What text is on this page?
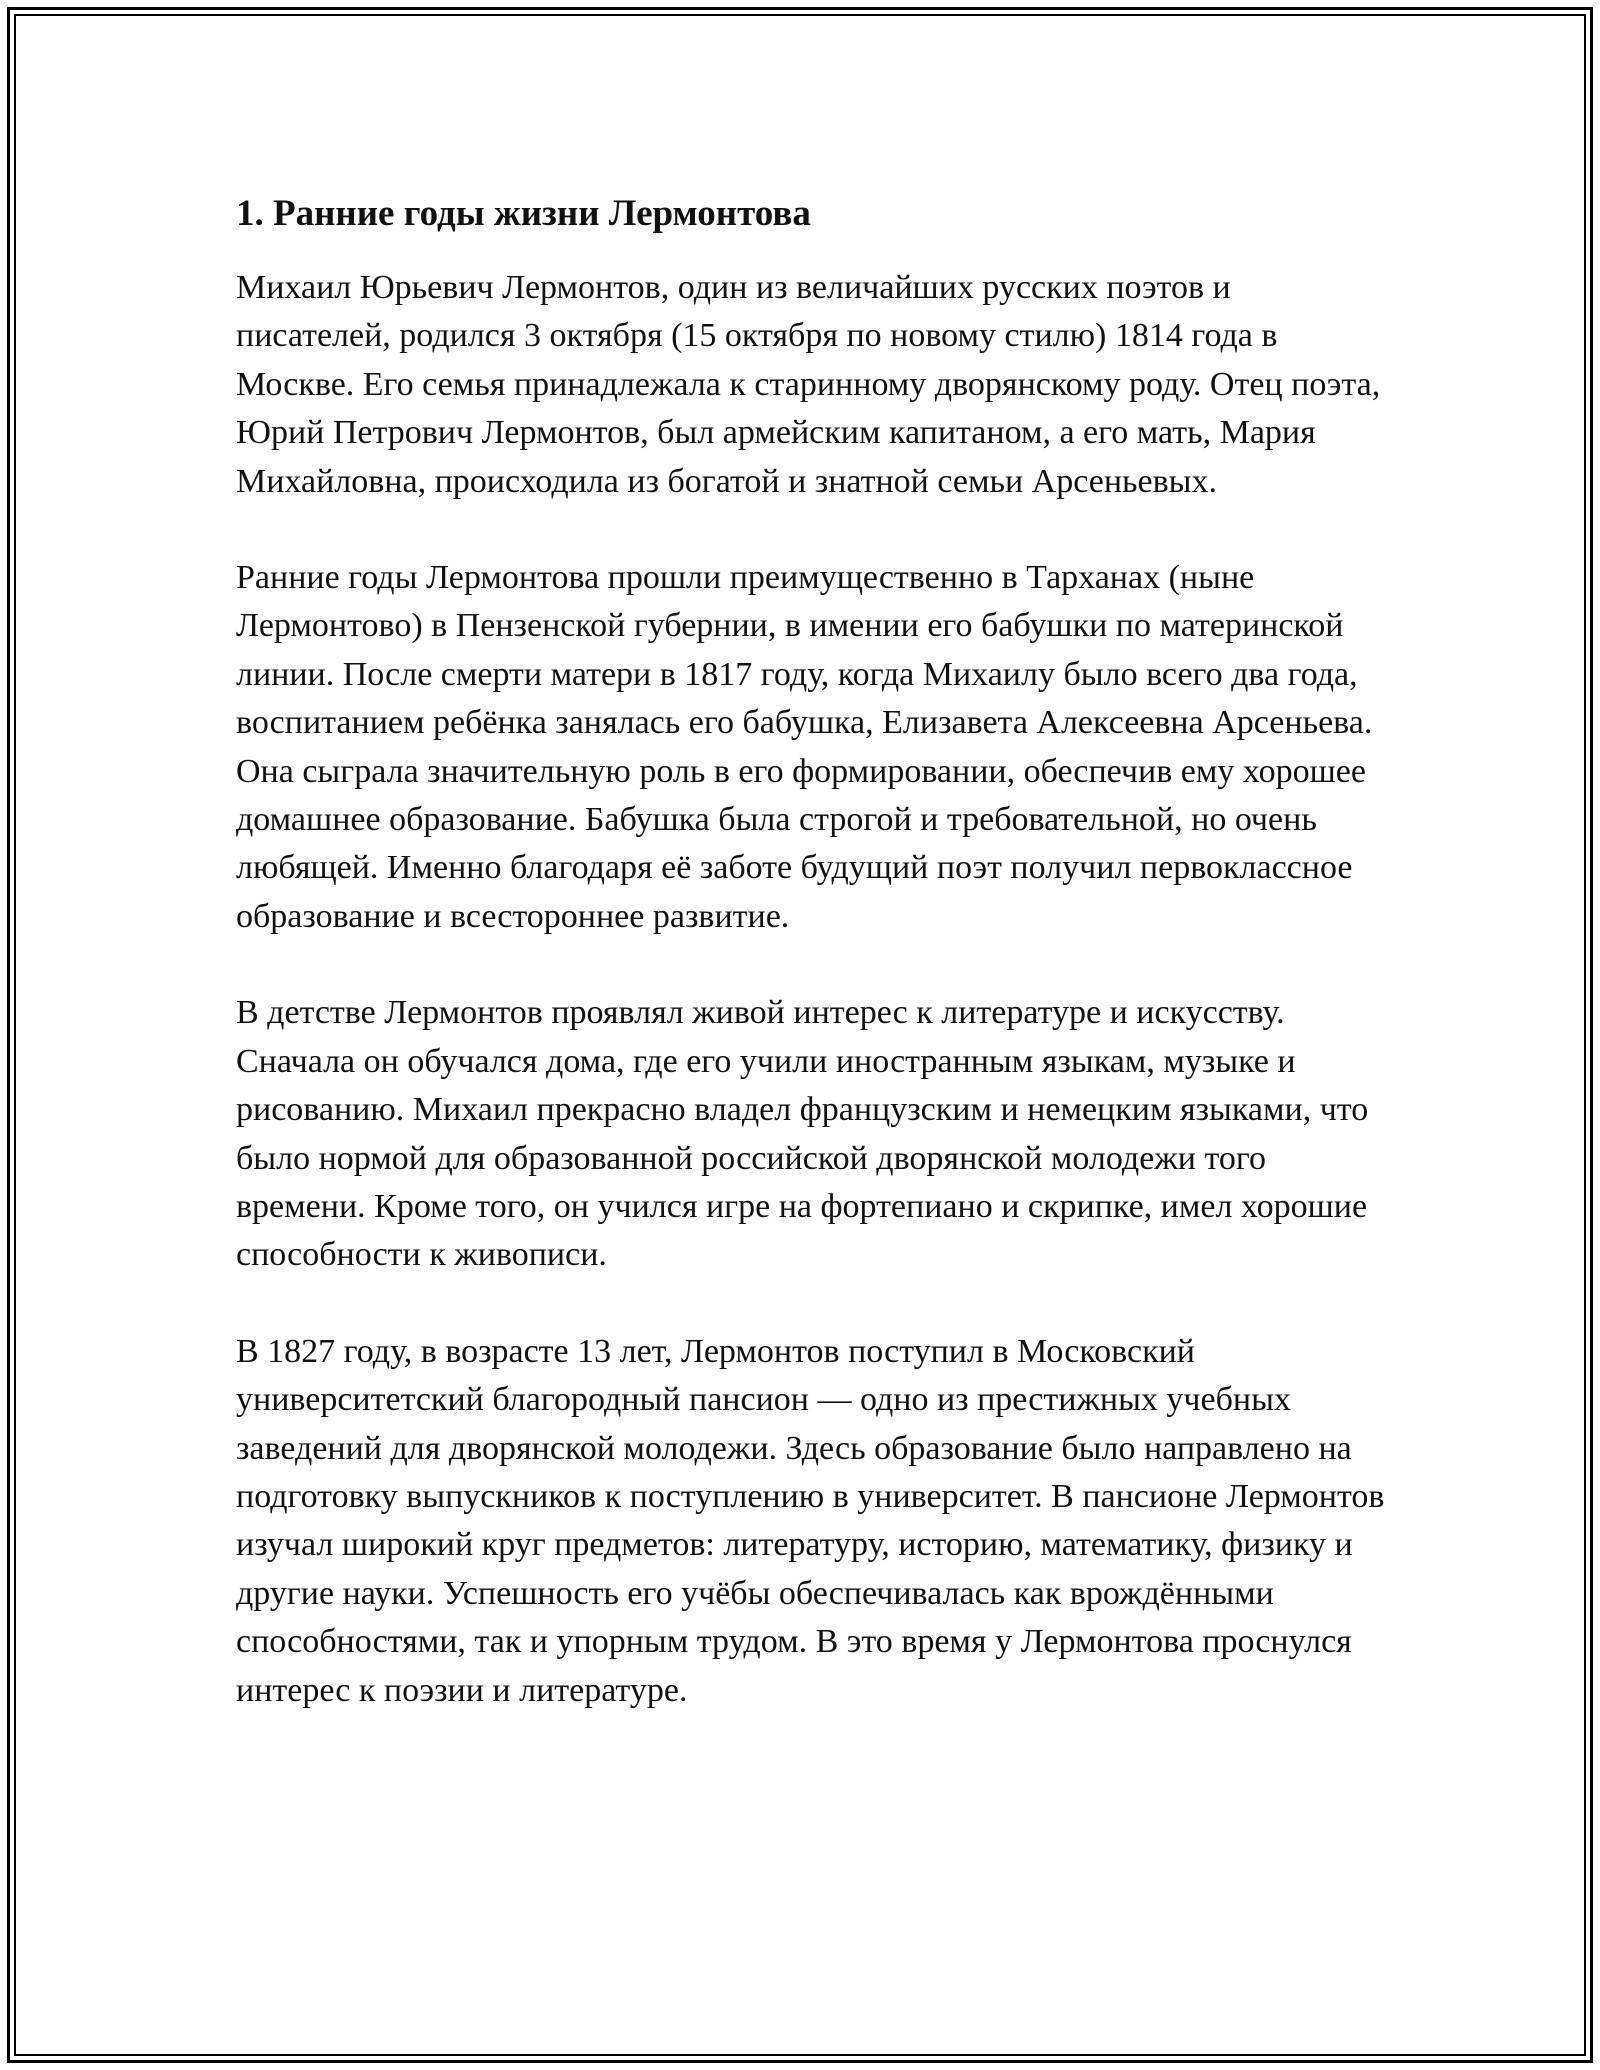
1. Ранние годы жизни Лермонтова

Михаил Юрьевич Лермонтов, один из величайших русских поэтов и писателей, родился 3 октября (15 октября по новому стилю) 1814 года в Москве. Его семья принадлежала к старинному дворянскому роду. Отец поэта, Юрий Петрович Лермонтов, был армейским капитаном, а его мать, Мария Михайловна, происходила из богатой и знатной семьи Арсеньевых.

Ранние годы Лермонтова прошли преимущественно в Тарханах (ныне Лермонтово) в Пензенской губернии, в имении его бабушки по материнской линии. После смерти матери в 1817 году, когда Михаилу было всего два года, воспитанием ребёнка занялась его бабушка, Елизавета Алексеевна Арсеньева. Она сыграла значительную роль в его формировании, обеспечив ему хорошее домашнее образование. Бабушка была строгой и требовательной, но очень любящей. Именно благодаря её заботе будущий поэт получил первоклассное образование и всестороннее развитие.

В детстве Лермонтов проявлял живой интерес к литературе и искусству. Сначала он обучался дома, где его учили иностранным языкам, музыке и рисованию. Михаил прекрасно владел французским и немецким языками, что было нормой для образованной российской дворянской молодежи того времени. Кроме того, он учился игре на фортепиано и скрипке, имел хорошие способности к живописи.

В 1827 году, в возрасте 13 лет, Лермонтов поступил в Московский университетский благородный пансион — одно из престижных учебных заведений для дворянской молодежи. Здесь образование было направлено на подготовку выпускников к поступлению в университет. В пансионе Лермонтов изучал широкий круг предметов: литературу, историю, математику, физику и другие науки. Успешность его учёбы обеспечивалась как врождёнными способностями, так и упорным трудом. В это время у Лермонтова проснулся интерес к поэзии и литературе.
